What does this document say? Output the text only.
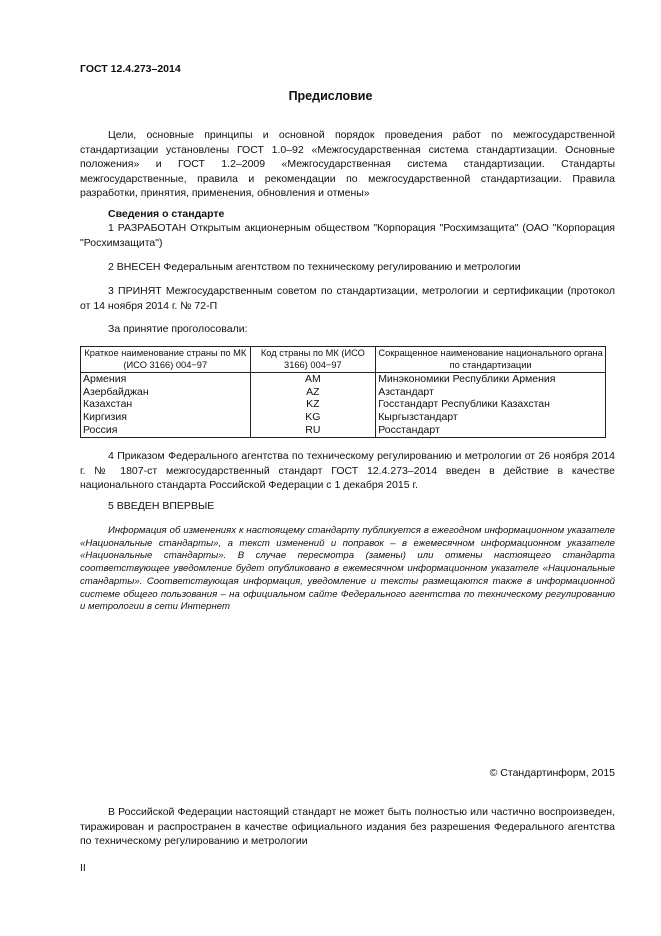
ГОСТ 12.4.273–2014
Предисловие
Цели, основные принципы и основной порядок проведения работ по межгосударственной стандартизации установлены ГОСТ 1.0–92 «Межгосударственная система стандартизации. Основные положения» и ГОСТ 1.2–2009 «Межгосударственная система стандартизации. Стандарты межгосударственные, правила и рекомендации по межгосударственной стандартизации. Правила разработки, принятия, применения, обновления и отмены»
Сведения о стандарте
1 РАЗРАБОТАН Открытым акционерным обществом "Корпорация "Росхимзащита" (ОАО "Корпорация "Росхимзащита")
2 ВНЕСЕН Федеральным агентством по техническому регулированию и метрологии
3 ПРИНЯТ Межгосударственным советом по стандартизации, метрологии и сертификации (протокол от 14 ноября 2014 г. № 72-П
За принятие проголосовали:
Краткое наименование страны по МК (ИСО 3166) 004−97	Код страны по МК (ИСО 3166) 004−97	Сокращенное наименование национального органа по стандартизации
Армения	AM	Минэкономики Республики Армения
Азербайджан	AZ	Азстандарт
Казахстан	KZ	Госстандарт Республики Казахстан
Киргизия	KG	Кыргызстандарт
Россия	RU	Росстандарт
4 Приказом Федерального агентства по техническому регулированию и метрологии от 26 ноября 2014 г. № 1807-ст межгосударственный стандарт ГОСТ 12.4.273–2014 введен в действие в качестве национального стандарта Российской Федерации с 1 декабря 2015 г.
5 ВВЕДЕН ВПЕРВЫЕ
Информация об изменениях к настоящему стандарту публикуется в ежегодном информационном указателе «Национальные стандарты», а текст изменений и поправок – в ежемесячном информационном указателе «Национальные стандарты». В случае пересмотра (замены) или отмены настоящего стандарта соответствующее уведомление будет опубликовано в ежемесячном информационном указателе «Национальные стандарты». Соответствующая информация, уведомление и тексты размещаются также в информационной системе общего пользования – на официальном сайте Федерального агентства по техническому регулированию и метрологии в сети Интернет
© Стандартинформ, 2015
В Российской Федерации настоящий стандарт не может быть полностью или частично воспроизведен, тиражирован и распространен в качестве официального издания без разрешения Федерального агентства по техническому регулированию и метрологии
II
